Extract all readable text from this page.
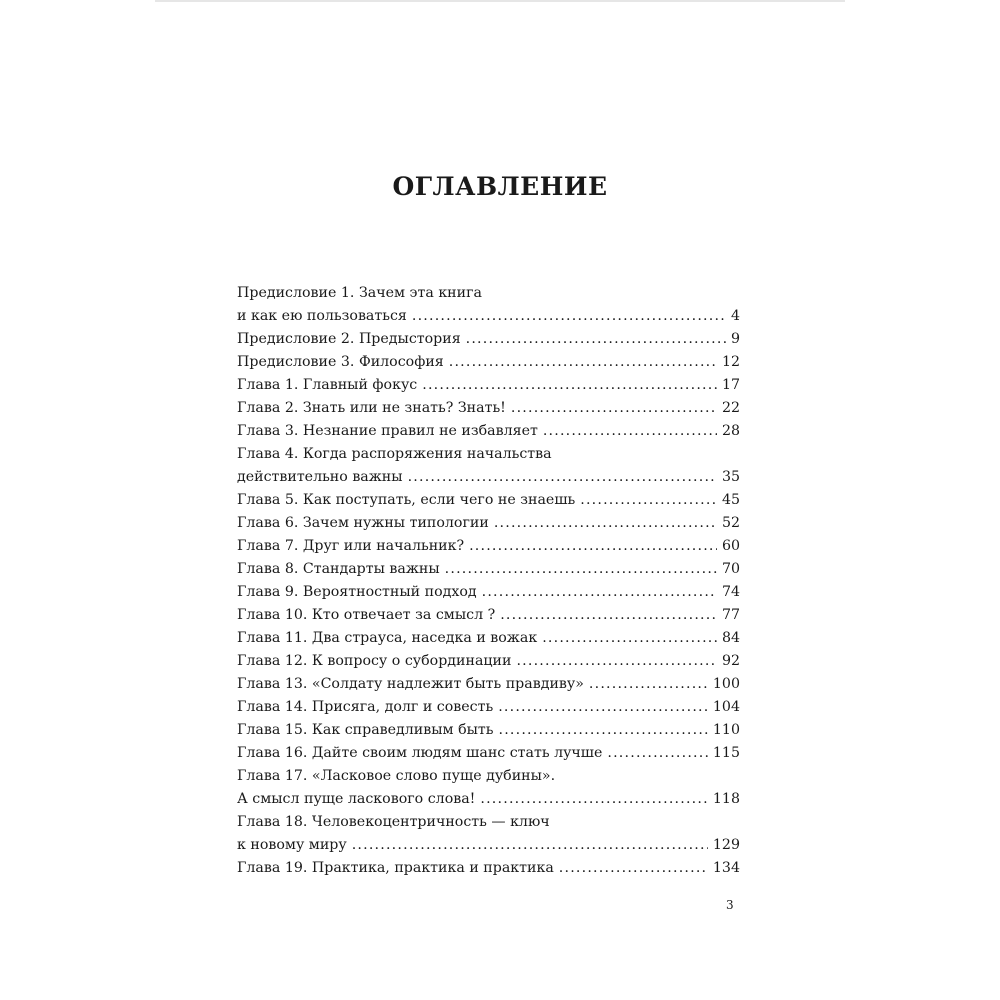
ОГЛАВЛЕНИЕ
Предисловие 1. Зачем эта книга
и как ею пользоваться .....	4
Предисловие 2. Предыстория .....	9
Предисловие 3. Философия .....	12
Глава 1. Главный фокус .....	17
Глава 2. Знать или не знать? Знать! .....	22
Глава 3. Незнание правил не избавляет .....	28
Глава 4. Когда распоряжения начальства
действительно важны .....	35
Глава 5. Как поступать, если чего не знаешь .....	45
Глава 6. Зачем нужны типологии .....	52
Глава 7. Друг или начальник? .....	60
Глава 8. Стандарты важны .....	70
Глава 9. Вероятностный подход .....	74
Глава 10. Кто отвечает за смысл ? .....	77
Глава 11. Два страуса, наседка и вожак .....	84
Глава 12. К вопросу о субординации .....	92
Глава 13. «Солдату надлежит быть правдиву» .....	100
Глава 14. Присяга, долг и совесть .....	104
Глава 15. Как справедливым быть .....	110
Глава 16. Дайте своим людям шанс стать лучше .....	115
Глава 17. «Ласковое слово пуще дубины».
А смысл пуще ласкового слова! .....	118
Глава 18. Человекоцентричность — ключ
к новому миру .....	129
Глава 19. Практика, практика и практика .....	134
3
